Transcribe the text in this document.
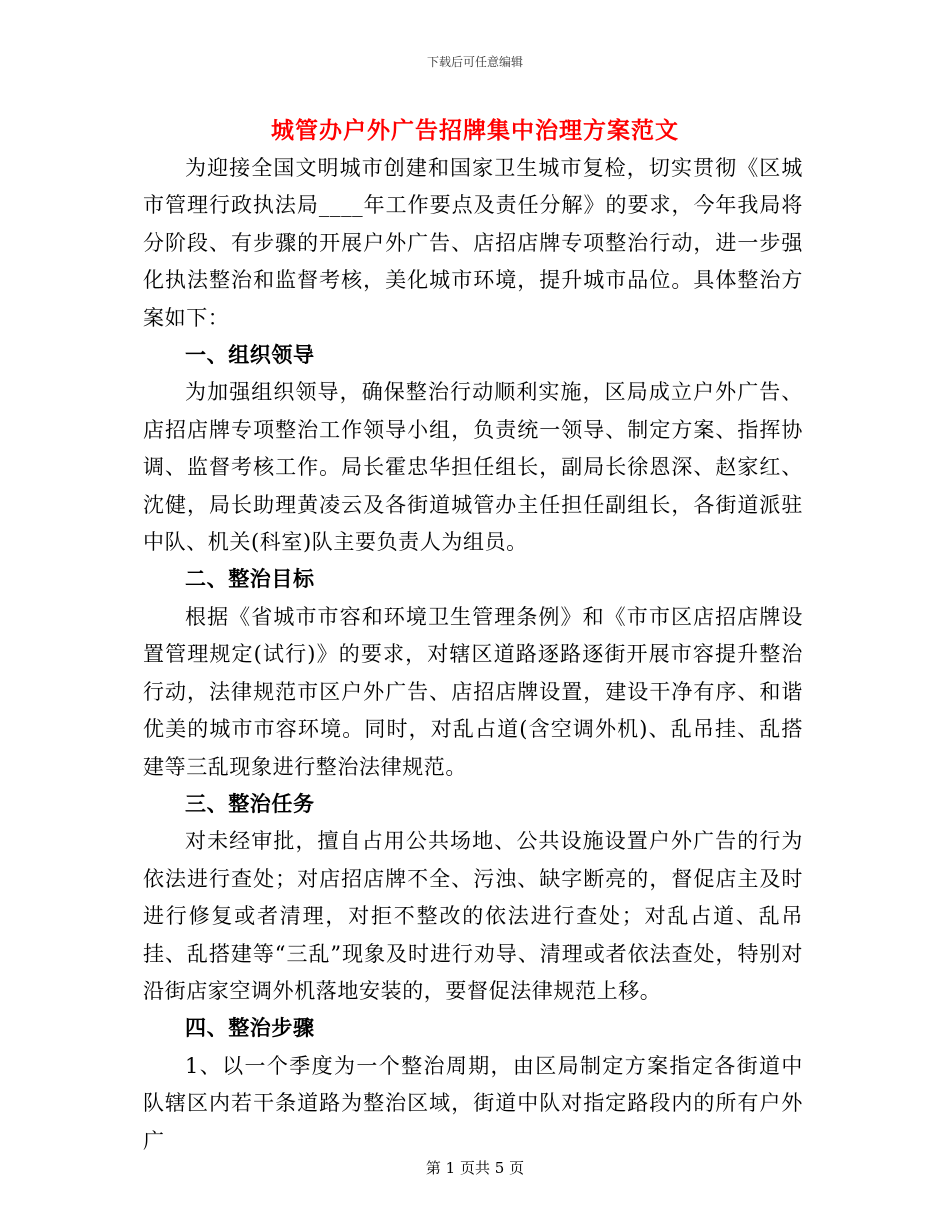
下载后可任意编辑
城管办户外广告招牌集中治理方案范文

为迎接全国文明城市创建和国家卫生城市复检，切实贯彻《区城市管理行政执法局____年工作要点及责任分解》的要求，今年我局将分阶段、有步骤的开展户外广告、店招店牌专项整治行动，进一步强化执法整治和监督考核，美化城市环境，提升城市品位。具体整治方案如下：

一、组织领导

为加强组织领导，确保整治行动顺利实施，区局成立户外广告、店招店牌专项整治工作领导小组，负责统一领导、制定方案、指挥协调、监督考核工作。局长霍忠华担任组长，副局长徐恩深、赵家红、沈健，局长助理黄凌云及各街道城管办主任担任副组长，各街道派驻中队、机关(科室)队主要负责人为组员。

二、整治目标

根据《省城市市容和环境卫生管理条例》和《市市区店招店牌设置管理规定(试行)》的要求，对辖区道路逐路逐街开展市容提升整治行动，法律规范市区户外广告、店招店牌设置，建设干净有序、和谐优美的城市市容环境。同时，对乱占道(含空调外机)、乱吊挂、乱搭建等三乱现象进行整治法律规范。

三、整治任务

对未经审批，擅自占用公共场地、公共设施设置户外广告的行为依法进行查处；对店招店牌不全、污浊、缺字断亮的，督促店主及时进行修复或者清理，对拒不整改的依法进行查处；对乱占道、乱吊挂、乱搭建等“三乱”现象及时进行劝导、清理或者依法查处，特别对沿街店家空调外机落地安装的，要督促法律规范上移。

四、整治步骤

1、以一个季度为一个整治周期，由区局制定方案指定各街道中队辖区内若干条道路为整治区域，街道中队对指定路段内的所有户外广

第 1 页共 5 页
